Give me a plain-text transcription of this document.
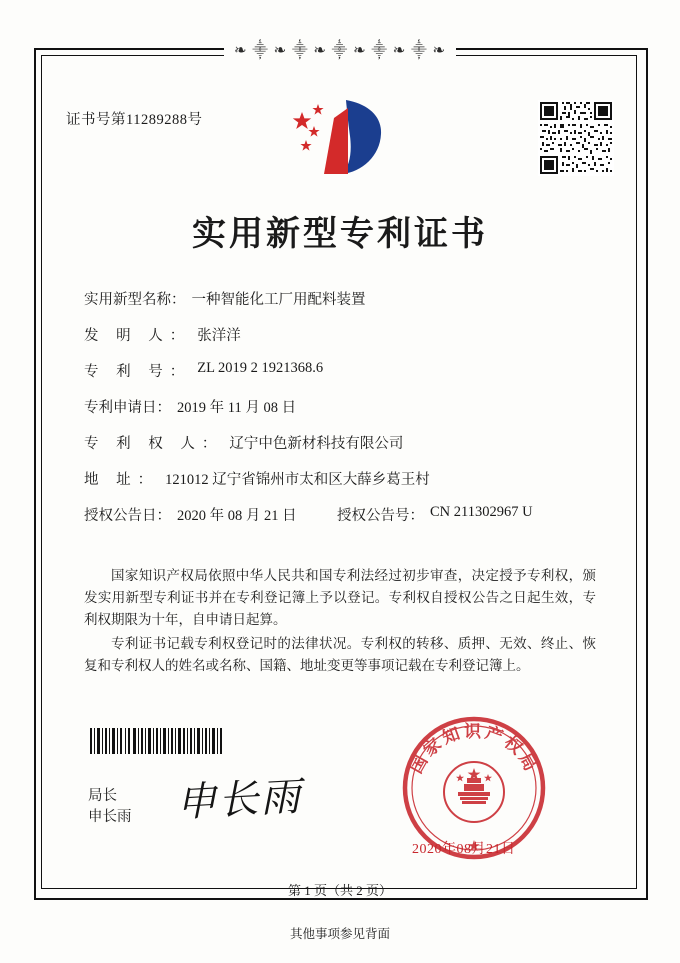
❧ ⸎ ❧ ⸎ ❧ ⸎ ❧ ⸎ ❧ ⸎ ❧
证书号第11289288号
实用新型专利证书
实用新型名称： 一种智能化工厂用配料装置
发 明 人： 张洋洋
专 利 号： ZL 2019 2 1921368.6
专利申请日： 2019 年 11 月 08 日
专 利 权 人： 辽宁中色新材科技有限公司
地 址： 121012 辽宁省锦州市太和区大薛乡葛王村
授权公告日： 2020 年 08 月 21 日	授权公告号： CN 211302967 U

国家知识产权局依照中华人民共和国专利法经过初步审查，决定授予专利权，颁发实用新型专利证书并在专利登记簿上予以登记。专利权自授权公告之日起生效，专利权期限为十年，自申请日起算。

专利证书记载专利权登记时的法律状况。专利权的转移、质押、无效、终止、恢复和专利权人的姓名或名称、国籍、地址变更等事项记载在专利登记簿上。

局长
申长雨 申长雨
国家知识产权局
2020年08月21日
第 1 页（共 2 页）
其他事项参见背面
